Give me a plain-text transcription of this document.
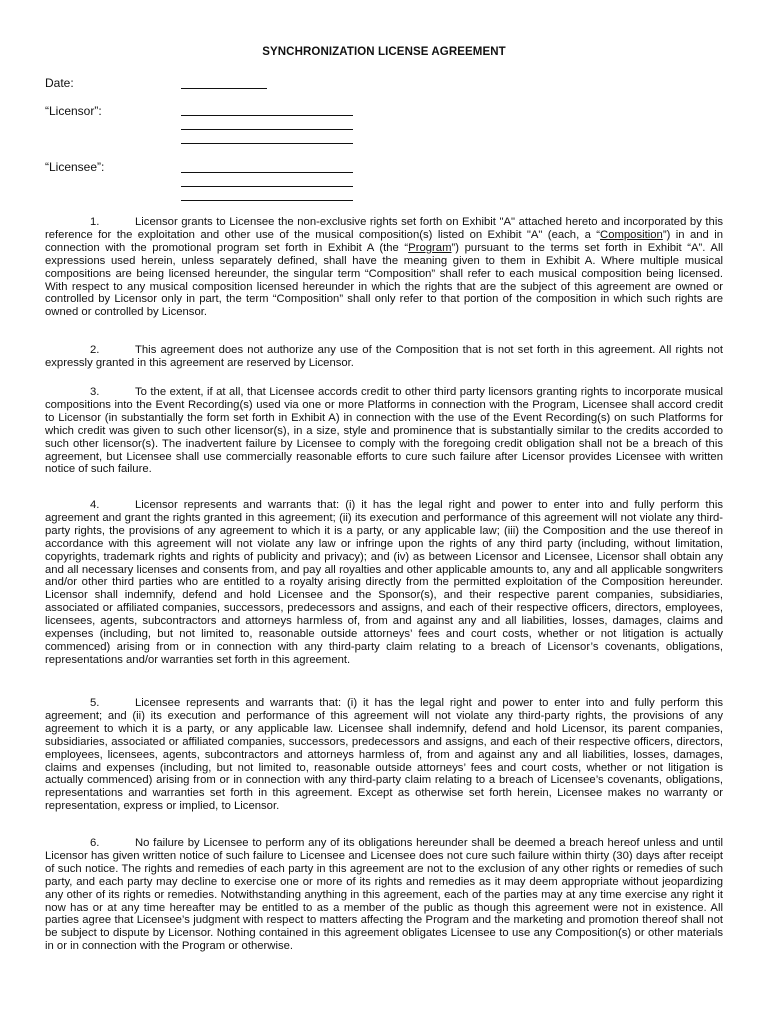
SYNCHRONIZATION LICENSE AGREEMENT
Date:
“Licensor”:
“Licensee”:

1.	Licensor grants to Licensee the non-exclusive rights set forth on Exhibit "A" attached hereto and incorporated by this reference for the exploitation and other use of the musical composition(s) listed on Exhibit "A" (each, a “Composition”) in and in connection with the promotional program set forth in Exhibit A (the “Program”) pursuant to the terms set forth in Exhibit “A”. All expressions used herein, unless separately defined, shall have the meaning given to them in Exhibit A. Where multiple musical compositions are being licensed hereunder, the singular term “Composition” shall refer to each musical composition being licensed. With respect to any musical composition licensed hereunder in which the rights that are the subject of this agreement are owned or controlled by Licensor only in part, the term “Composition” shall only refer to that portion of the composition in which such rights are owned or controlled by Licensor.

2.	This agreement does not authorize any use of the Composition that is not set forth in this agreement. All rights not expressly granted in this agreement are reserved by Licensor.

3.	To the extent, if at all, that Licensee accords credit to other third party licensors granting rights to incorporate musical compositions into the Event Recording(s) used via one or more Platforms in connection with the Program, Licensee shall accord credit to Licensor (in substantially the form set forth in Exhibit A) in connection with the use of the Event Recording(s) on such Platforms for which credit was given to such other licensor(s), in a size, style and prominence that is substantially similar to the credits accorded to such other licensor(s). The inadvertent failure by Licensee to comply with the foregoing credit obligation shall not be a breach of this agreement, but Licensee shall use commercially reasonable efforts to cure such failure after Licensor provides Licensee with written notice of such failure.

4.	Licensor represents and warrants that: (i) it has the legal right and power to enter into and fully perform this agreement and grant the rights granted in this agreement; (ii) its execution and performance of this agreement will not violate any third-party rights, the provisions of any agreement to which it is a party, or any applicable law; (iii) the Composition and the use thereof in accordance with this agreement will not violate any law or infringe upon the rights of any third party (including, without limitation, copyrights, trademark rights and rights of publicity and privacy); and (iv) as between Licensor and Licensee, Licensor shall obtain any and all necessary licenses and consents from, and pay all royalties and other applicable amounts to, any and all applicable songwriters and/or other third parties who are entitled to a royalty arising directly from the permitted exploitation of the Composition hereunder. Licensor shall indemnify, defend and hold Licensee and the Sponsor(s), and their respective parent companies, subsidiaries, associated or affiliated companies, successors, predecessors and assigns, and each of their respective officers, directors, employees, licensees, agents, subcontractors and attorneys harmless of, from and against any and all liabilities, losses, damages, claims and expenses (including, but not limited to, reasonable outside attorneys’ fees and court costs, whether or not litigation is actually commenced) arising from or in connection with any third-party claim relating to a breach of Licensor’s covenants, obligations, representations and/or warranties set forth in this agreement.

5.	Licensee represents and warrants that: (i) it has the legal right and power to enter into and fully perform this agreement; and (ii) its execution and performance of this agreement will not violate any third-party rights, the provisions of any agreement to which it is a party, or any applicable law. Licensee shall indemnify, defend and hold Licensor, its parent companies, subsidiaries, associated or affiliated companies, successors, predecessors and assigns, and each of their respective officers, directors, employees, licensees, agents, subcontractors and attorneys harmless of, from and against any and all liabilities, losses, damages, claims and expenses (including, but not limited to, reasonable outside attorneys’ fees and court costs, whether or not litigation is actually commenced) arising from or in connection with any third-party claim relating to a breach of Licensee’s covenants, obligations, representations and warranties set forth in this agreement. Except as otherwise set forth herein, Licensee makes no warranty or representation, express or implied, to Licensor.

6.	No failure by Licensee to perform any of its obligations hereunder shall be deemed a breach hereof unless and until Licensor has given written notice of such failure to Licensee and Licensee does not cure such failure within thirty (30) days after receipt of such notice. The rights and remedies of each party in this agreement are not to the exclusion of any other rights or remedies of such party, and each party may decline to exercise one or more of its rights and remedies as it may deem appropriate without jeopardizing any other of its rights or remedies. Notwithstanding anything in this agreement, each of the parties may at any time exercise any right it now has or at any time hereafter may be entitled to as a member of the public as though this agreement were not in existence. All parties agree that Licensee’s judgment with respect to matters affecting the Program and the marketing and promotion thereof shall not be subject to dispute by Licensor. Nothing contained in this agreement obligates Licensee to use any Composition(s) or other materials in or in connection with the Program or otherwise.
